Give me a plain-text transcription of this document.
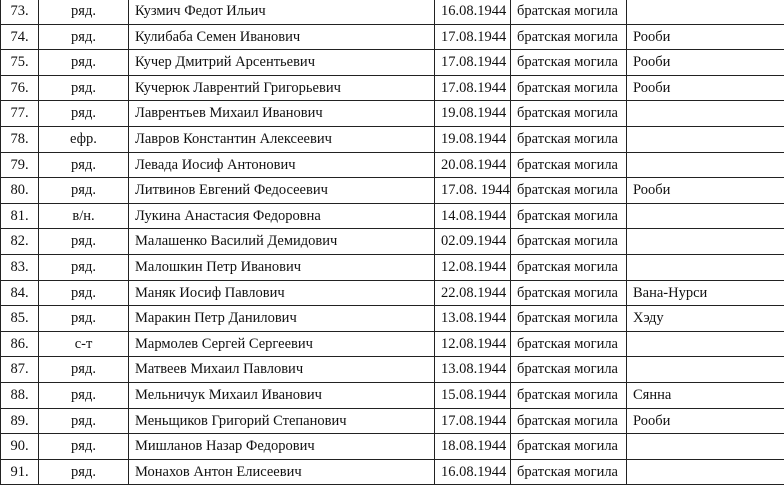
73.	ряд.	Кузмич Федот Ильич	16.08.1944	братская могила	
74.	ряд.	Кулибаба Семен Иванович	17.08.1944	братская могила	Рооби
75.	ряд.	Кучер Дмитрий Арсентьевич	17.08.1944	братская могила	Рооби
76.	ряд.	Кучерюк Лаврентий Григорьевич	17.08.1944	братская могила	Рооби
77.	ряд.	Лаврентьев Михаил Иванович	19.08.1944	братская могила	
78.	ефр.	Лавров Константин Алексеевич	19.08.1944	братская могила	
79.	ряд.	Левада Иосиф Антонович	20.08.1944	братская могила	
80.	ряд.	Литвинов Евгений Федосеевич	17.08. 1944	братская могила	Рооби
81.	в/н.	Лукина Анастасия Федоровна	14.08.1944	братская могила	
82.	ряд.	Малашенко Василий Демидович	02.09.1944	братская могила	
83.	ряд.	Малошкин Петр Иванович	12.08.1944	братская могила	
84.	ряд.	Маняк Иосиф Павлович	22.08.1944	братская могила	Вана-Нурси
85.	ряд.	Маракин Петр Данилович	13.08.1944	братская могила	Хэду
86.	с-т	Мармолев Сергей Сергеевич	12.08.1944	братская могила	
87.	ряд.	Матвеев Михаил Павлович	13.08.1944	братская могила	
88.	ряд.	Мельничук Михаил Иванович	15.08.1944	братская могила	Сянна
89.	ряд.	Меньщиков Григорий Степанович	17.08.1944	братская могила	Рооби
90.	ряд.	Мишланов Назар Федорович	18.08.1944	братская могила	
91.	ряд.	Монахов Антон Елисеевич	16.08.1944	братская могила	
